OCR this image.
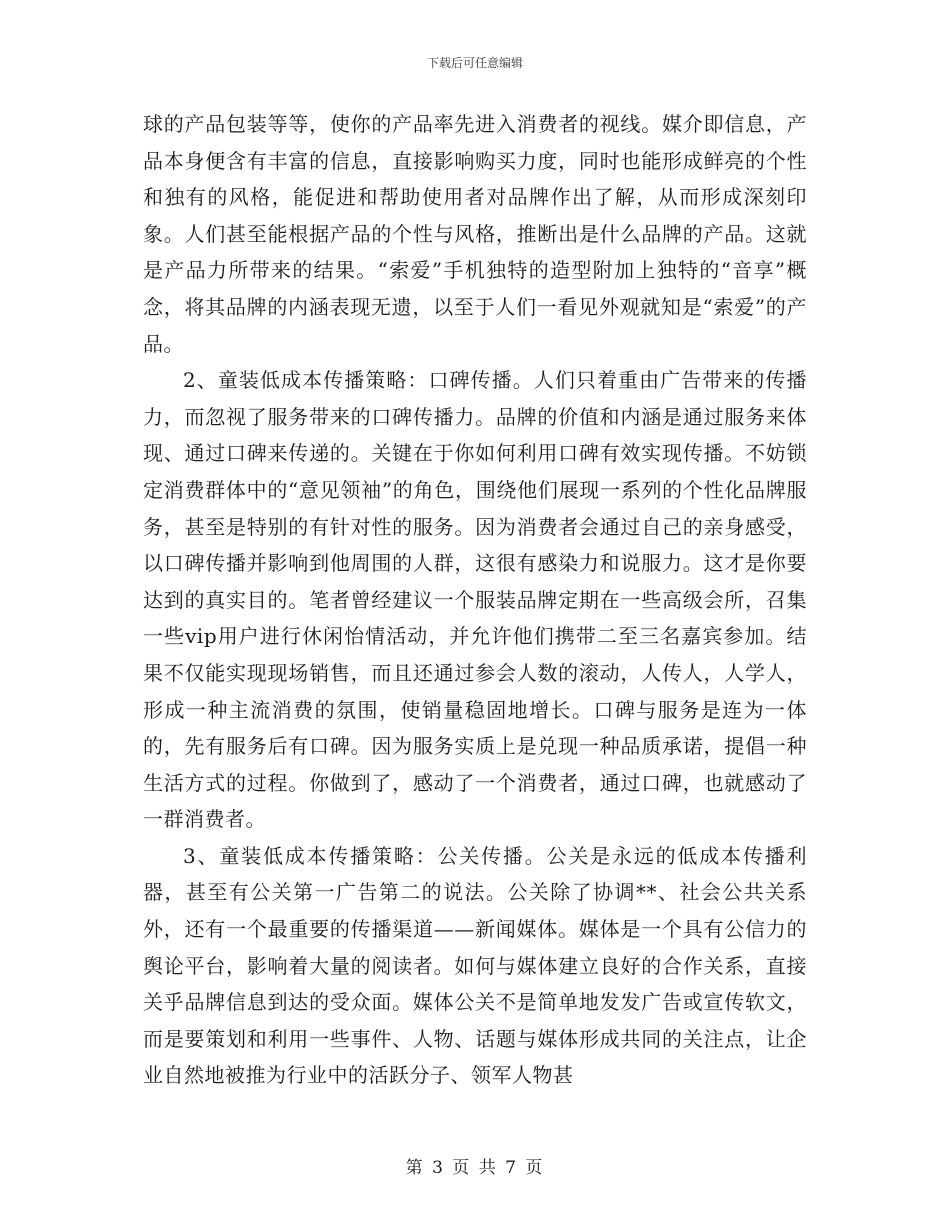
下载后可任意编辑

球的产品包装等等，使你的产品率先进入消费者的视线。媒介即信息，产品本身便含有丰富的信息，直接影响购买力度，同时也能形成鲜亮的个性和独有的风格，能促进和帮助使用者对品牌作出了解，从而形成深刻印象。人们甚至能根据产品的个性与风格，推断出是什么品牌的产品。这就是产品力所带来的结果。“索爱”手机独特的造型附加上独特的“音享”概念，将其品牌的内涵表现无遗，以至于人们一看见外观就知是“索爱”的产品。

2、童装低成本传播策略：口碑传播。人们只着重由广告带来的传播力，而忽视了服务带来的口碑传播力。品牌的价值和内涵是通过服务来体现、通过口碑来传递的。关键在于你如何利用口碑有效实现传播。不妨锁定消费群体中的“意见领袖”的角色，围绕他们展现一系列的个性化品牌服务，甚至是特别的有针对性的服务。因为消费者会通过自己的亲身感受，以口碑传播并影响到他周围的人群，这很有感染力和说服力。这才是你要达到的真实目的。笔者曾经建议一个服装品牌定期在一些高级会所，召集一些vip用户进行休闲怡情活动，并允许他们携带二至三名嘉宾参加。结果不仅能实现现场销售，而且还通过参会人数的滚动，人传人，人学人，形成一种主流消费的氛围，使销量稳固地增长。口碑与服务是连为一体的，先有服务后有口碑。因为服务实质上是兑现一种品质承诺，提倡一种生活方式的过程。你做到了，感动了一个消费者，通过口碑，也就感动了一群消费者。

3、童装低成本传播策略：公关传播。公关是永远的低成本传播利器，甚至有公关第一广告第二的说法。公关除了协调**、社会公共关系外，还有一个最重要的传播渠道——新闻媒体。媒体是一个具有公信力的舆论平台，影响着大量的阅读者。如何与媒体建立良好的合作关系，直接关乎品牌信息到达的受众面。媒体公关不是简单地发发广告或宣传软文，而是要策划和利用一些事件、人物、话题与媒体形成共同的关注点，让企业自然地被推为行业中的活跃分子、领军人物甚

第 3 页 共 7 页
